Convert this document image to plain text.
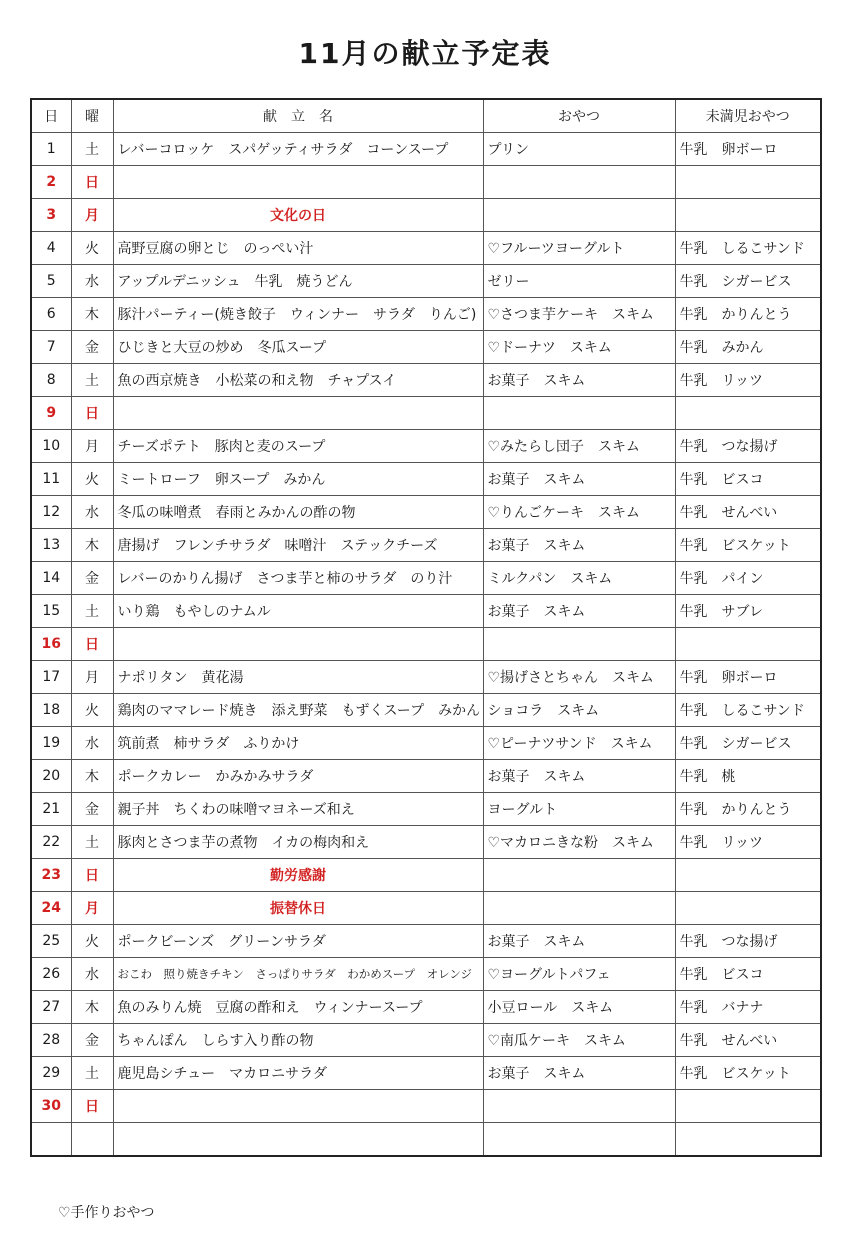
11月の献立予定表
日	曜	献　立　名	おやつ	未満児おやつ
1	土	レバーコロッケ　スパゲッティサラダ　コーンスープ	プリン	牛乳　卵ボーロ
2	日			
3	月	文化の日		
4	火	高野豆腐の卵とじ　のっぺい汁	♡フルーツヨーグルト	牛乳　しるこサンド
5	水	アップルデニッシュ　牛乳　焼うどん	ゼリー	牛乳　シガービス
6	木	豚汁パーティー(焼き餃子　ウィンナー　サラダ　りんご)	♡さつま芋ケーキ　スキム	牛乳　かりんとう
7	金	ひじきと大豆の炒め　冬瓜スープ	♡ドーナツ　スキム	牛乳　みかん
8	土	魚の西京焼き　小松菜の和え物　チャプスイ	お菓子　スキム	牛乳　リッツ
9	日			
10	月	チーズポテト　豚肉と麦のスープ	♡みたらし団子　スキム	牛乳　つな揚げ
11	火	ミートローフ　卵スープ　みかん	お菓子　スキム	牛乳　ビスコ
12	水	冬瓜の味噌煮　春雨とみかんの酢の物	♡りんごケーキ　スキム	牛乳　せんべい
13	木	唐揚げ　フレンチサラダ　味噌汁　ステックチーズ	お菓子　スキム	牛乳　ビスケット
14	金	レバーのかりん揚げ　さつま芋と柿のサラダ　のり汁	ミルクパン　スキム	牛乳　パイン
15	土	いり鶏　もやしのナムル	お菓子　スキム	牛乳　サブレ
16	日			
17	月	ナポリタン　黄花湯	♡揚げさとちゃん　スキム	牛乳　卵ボーロ
18	火	鶏肉のママレード焼き　添え野菜　もずくスープ　みかん	ショコラ　スキム	牛乳　しるこサンド
19	水	筑前煮　柿サラダ　ふりかけ	♡ピーナツサンド　スキム	牛乳　シガービス
20	木	ポークカレー　かみかみサラダ	お菓子　スキム	牛乳　桃
21	金	親子丼　ちくわの味噌マヨネーズ和え	ヨーグルト	牛乳　かりんとう
22	土	豚肉とさつま芋の煮物　イカの梅肉和え	♡マカロニきな粉　スキム	牛乳　リッツ
23	日	勤労感謝		
24	月	振替休日		
25	火	ポークビーンズ　グリーンサラダ	お菓子　スキム	牛乳　つな揚げ
26	水	おこわ　照り焼きチキン　さっぱりサラダ　わかめスープ　オレンジ	♡ヨーグルトパフェ	牛乳　ビスコ
27	木	魚のみりん焼　豆腐の酢和え　ウィンナースープ	小豆ロール　スキム	牛乳　バナナ
28	金	ちゃんぽん　しらす入り酢の物	♡南瓜ケーキ　スキム	牛乳　せんべい
29	土	鹿児島シチュー　マカロニサラダ	お菓子　スキム	牛乳　ビスケット
30	日			

♡手作りおやつ
